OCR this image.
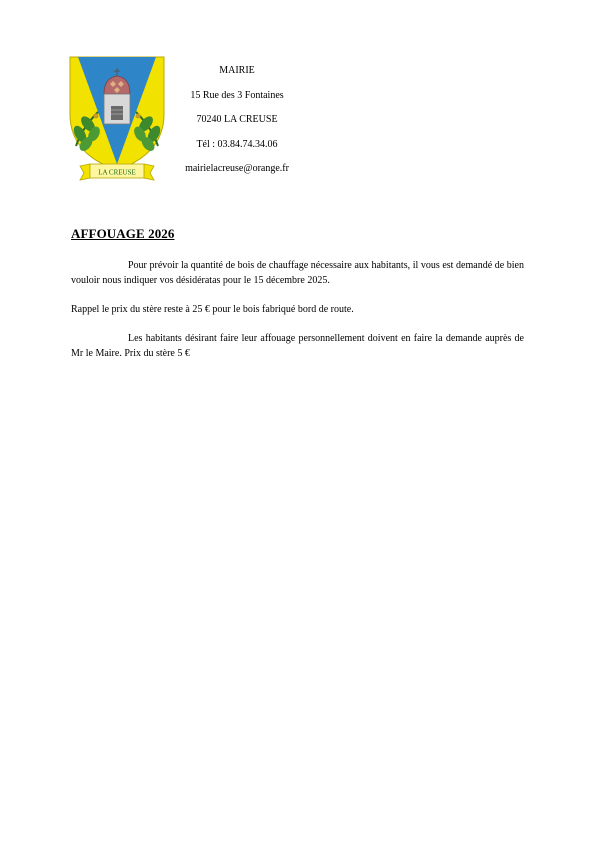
LA CREUSE
MAIRIE
15 Rue des 3 Fontaines
70240 LA CREUSE
Tél : 03.84.74.34.06
mairielacreuse@orange.fr
AFFOUAGE 2026

Pour prévoir la quantité de bois de chauffage nécessaire aux habitants, il vous est demandé de bien vouloir nous indiquer vos désidératas pour le 15 décembre 2025.

Rappel le prix du stère reste à 25 € pour le bois fabriqué bord de route.

Les habitants désirant faire leur affouage personnellement doivent en faire la demande auprès de Mr le Maire. Prix du stère 5 €
